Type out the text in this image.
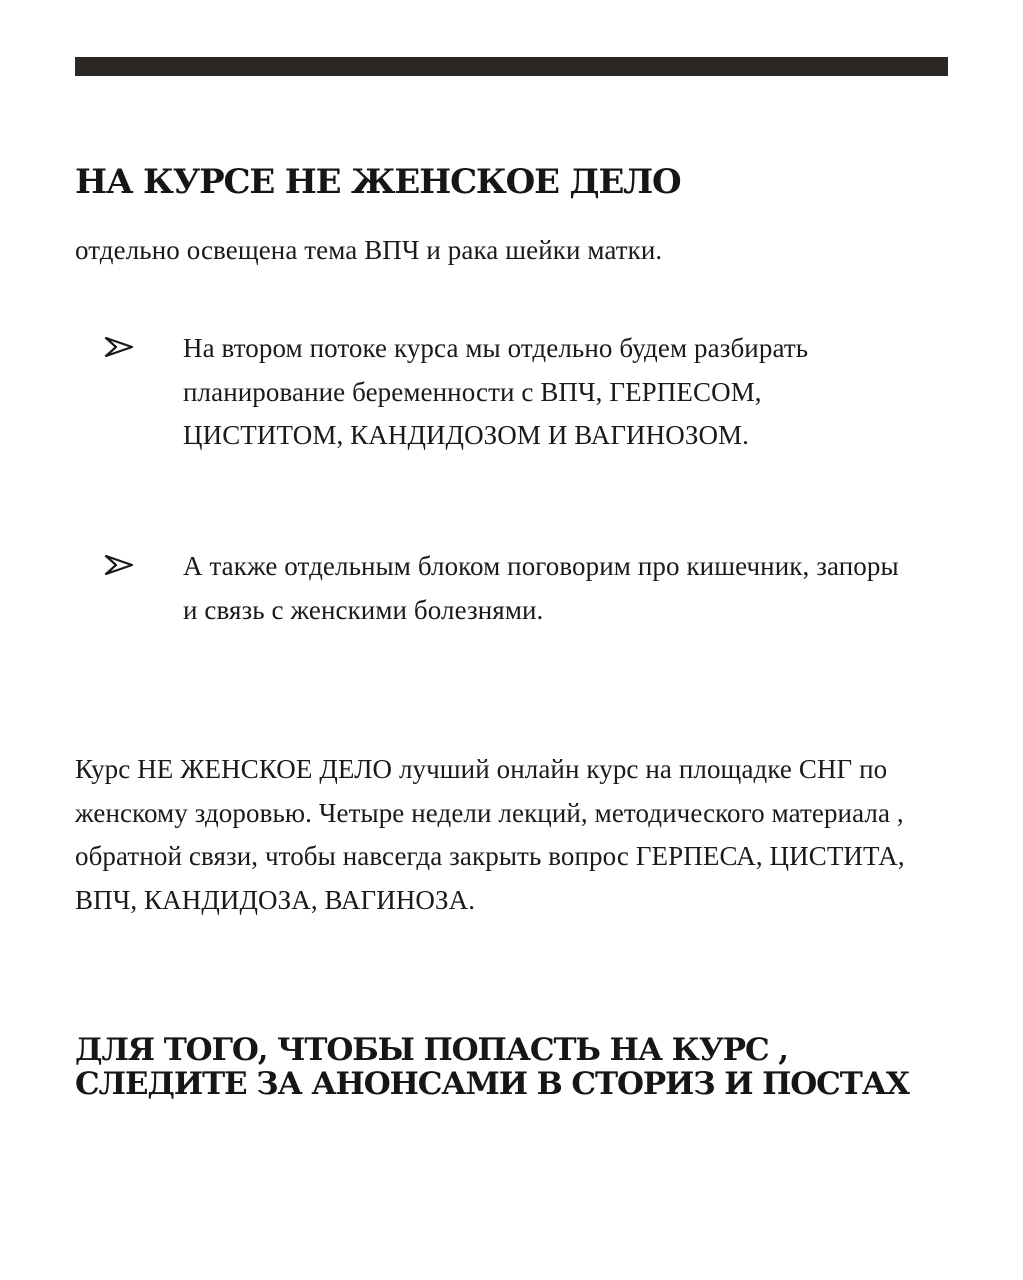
НА КУРСЕ НЕ ЖЕНСКОЕ ДЕЛО
отдельно освещена тема ВПЧ и рака шейки матки.
На втором потоке курса мы отдельно будем разбирать планирование беременности с ВПЧ, ГЕРПЕСОМ, ЦИСТИТОМ, КАНДИДОЗОМ И ВАГИНОЗОМ.
А также отдельным блоком поговорим про кишечник, запоры и связь с женскими болезнями.
Курс НЕ ЖЕНСКОЕ ДЕЛО лучший онлайн курс на площадке СНГ по женскому здоровью. Четыре недели лекций, методического материала , обратной связи, чтобы навсегда закрыть вопрос ГЕРПЕСА, ЦИСТИТА, ВПЧ, КАНДИДОЗА, ВАГИНОЗА.
ДЛЯ ТОГО, ЧТОБЫ ПОПАСТЬ НА КУРС , СЛЕДИТЕ ЗА АНОНСАМИ В СТОРИЗ И ПОСТАХ
